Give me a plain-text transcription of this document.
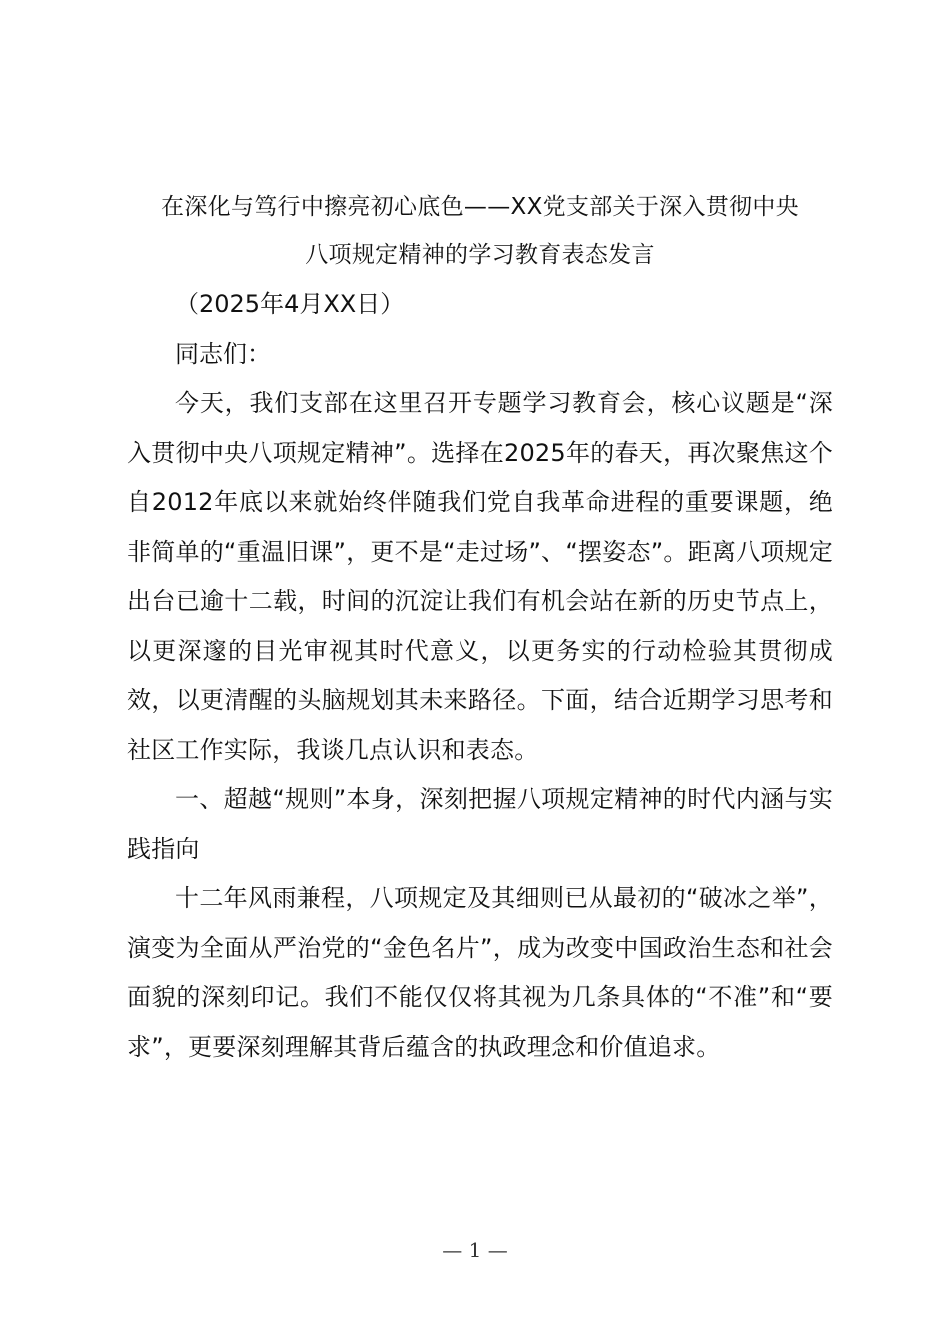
在深化与笃行中擦亮初心底色——XX党支部关于深入贯彻中央
八项规定精神的学习教育表态发言
（2025年4月XX日）
同志们：

今天，我们支部在这里召开专题学习教育会，核心议题是“深入贯彻中央八项规定精神”。选择在2025年的春天，再次聚焦这个自2012年底以来就始终伴随我们党自我革命进程的重要课题，绝非简单的“重温旧课”，更不是“走过场”、“摆姿态”。距离八项规定出台已逾十二载，时间的沉淀让我们有机会站在新的历史节点上，以更深邃的目光审视其时代意义，以更务实的行动检验其贯彻成效，以更清醒的头脑规划其未来路径。下面，结合近期学习思考和社区工作实际，我谈几点认识和表态。

一、超越“规则”本身，深刻把握八项规定精神的时代内涵与实践指向

十二年风雨兼程，八项规定及其细则已从最初的“破冰之举”，演变为全面从严治党的“金色名片”，成为改变中国政治生态和社会面貌的深刻印记。我们不能仅仅将其视为几条具体的“不准”和“要求”，更要深刻理解其背后蕴含的执政理念和价值追求。

— 1 —
